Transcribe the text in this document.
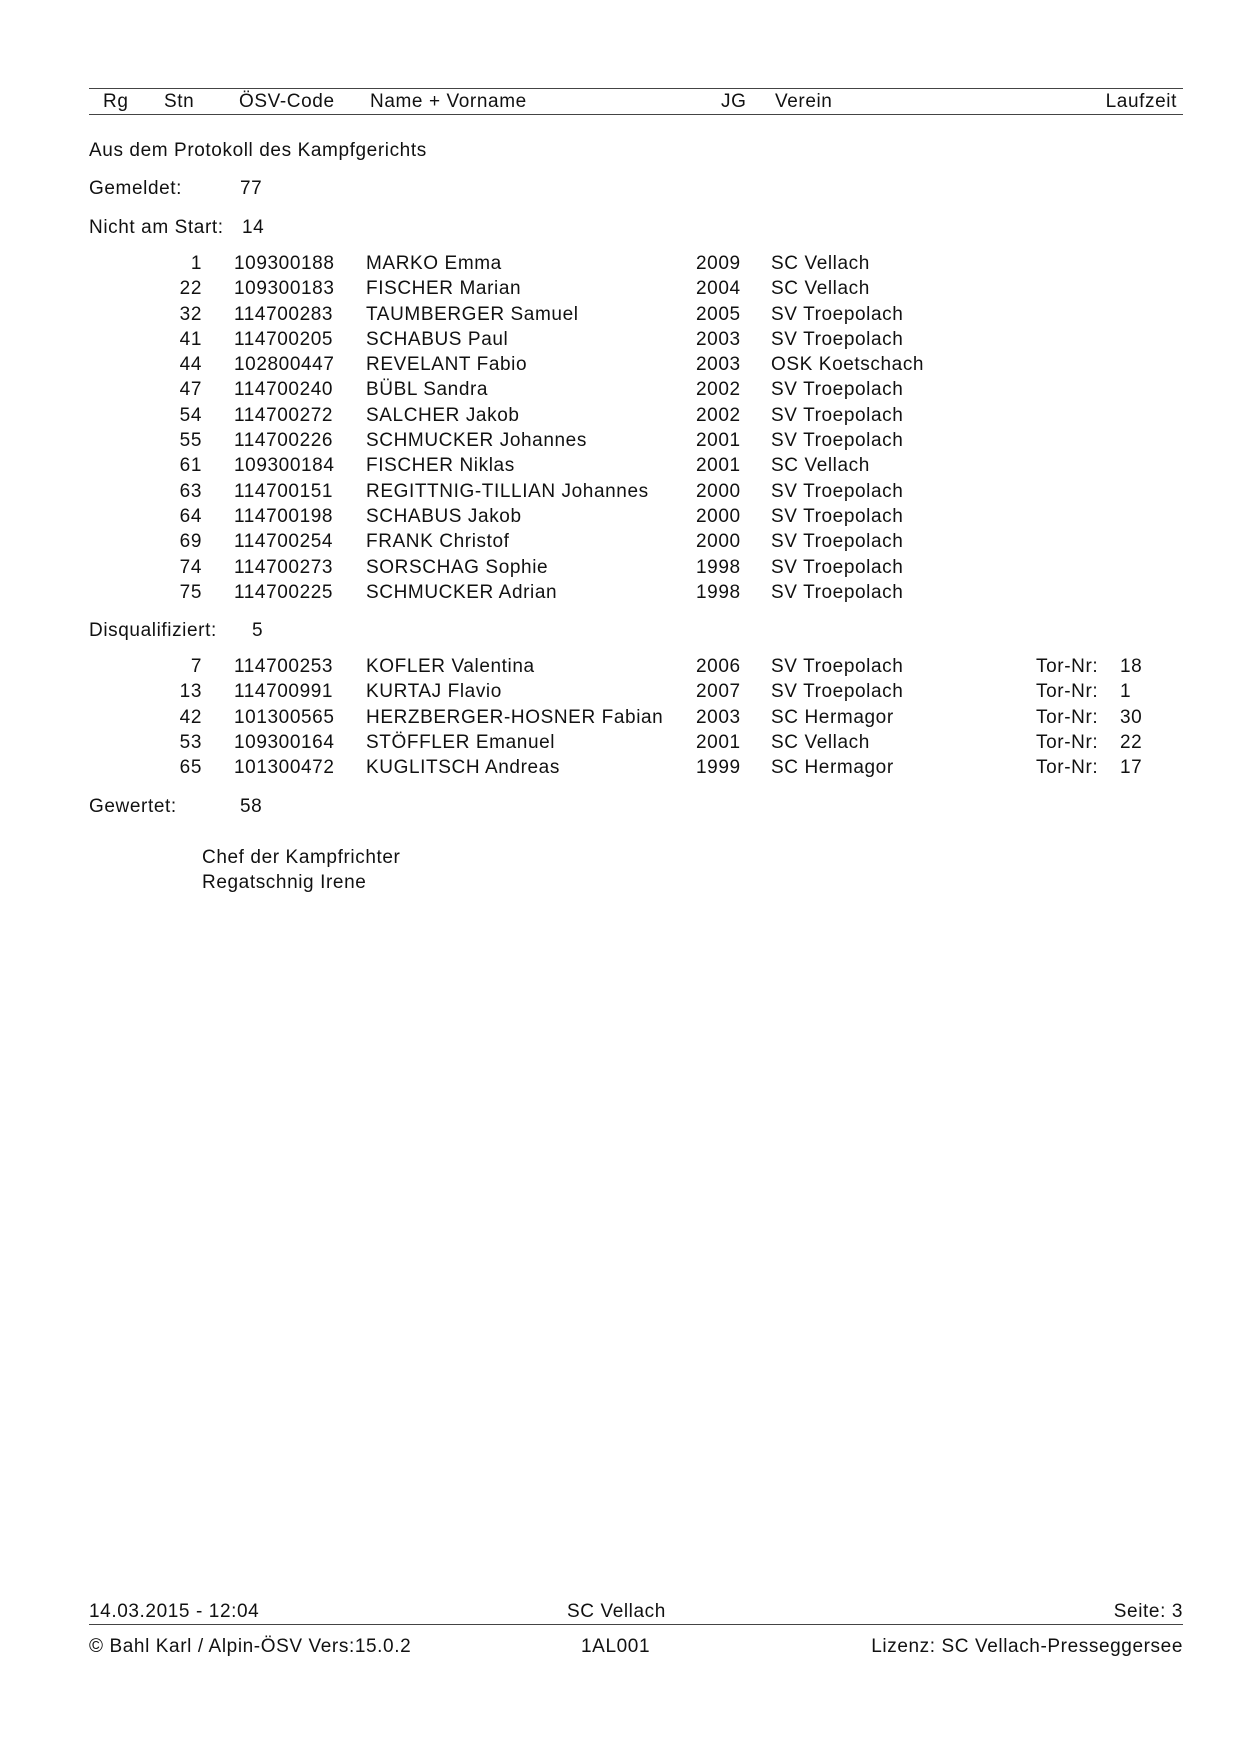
Rg Stn ÖSV-Code Name + Vorname	JG Verein	Laufzeit
Aus dem Protokoll des Kampfgerichts
Gemeldet:	77
Nicht am Start: 14
1 109300188 MARKO Emma	2009 SC Vellach
22 109300183 FISCHER Marian	2004 SC Vellach
32 114700283 TAUMBERGER Samuel	2005 SV Troepolach
41 114700205 SCHABUS Paul	2003 SV Troepolach
44 102800447 REVELANT Fabio	2003 OSK Koetschach
47 114700240 BÜBL Sandra	2002 SV Troepolach
54 114700272 SALCHER Jakob	2002 SV Troepolach
55 114700226 SCHMUCKER Johannes	2001 SV Troepolach
61 109300184 FISCHER Niklas	2001 SC Vellach
63 114700151 REGITTNIG-TILLIAN Johannes 2000 SV Troepolach
64 114700198 SCHABUS Jakob	2000 SV Troepolach
69 114700254 FRANK Christof	2000 SV Troepolach
74 114700273 SORSCHAG Sophie	1998 SV Troepolach
75 114700225 SCHMUCKER Adrian	1998 SV Troepolach
Disqualifiziert: 5
7 114700253 KOFLER Valentina	2006 SV Troepolach	Tor-Nr: 18
13 114700991 KURTAJ Flavio	2007 SV Troepolach	Tor-Nr: 1
42 101300565 HERZBERGER-HOSNER Fabian 2003 SC Hermagor	Tor-Nr: 30
53 109300164 STÖFFLER Emanuel	2001 SC Vellach	Tor-Nr: 22
65 101300472 KUGLITSCH Andreas	1999 SC Hermagor	Tor-Nr: 17
Gewertet:	58
Chef der Kampfrichter
Regatschnig Irene
14.03.2015 - 12:04	SC Vellach	Seite: 3
© Bahl Karl / Alpin-ÖSV Vers:15.0.2	1AL001	Lizenz: SC Vellach-Presseggersee
